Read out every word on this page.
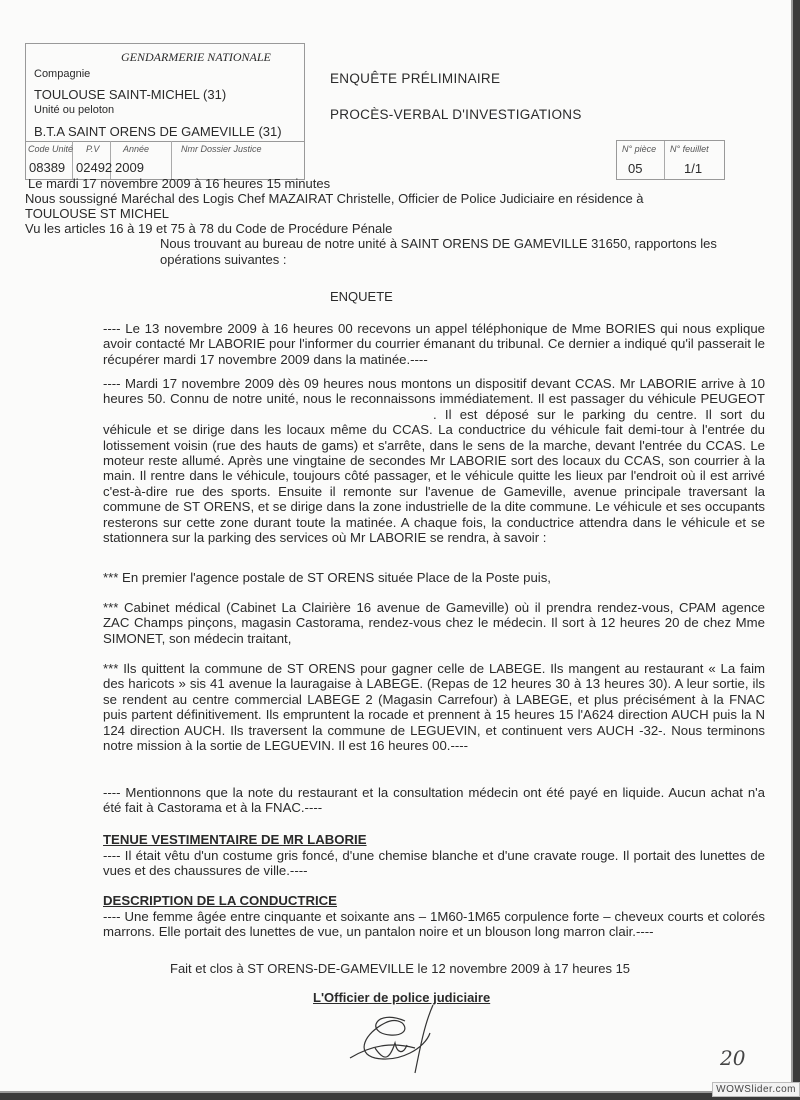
GENDARMERIE NATIONALE
Compagnie
TOULOUSE SAINT-MICHEL (31)
Unité ou peloton
B.T.A SAINT ORENS DE GAMEVILLE (31)
Code Unité
08389
P.V
02492
Année
2009
Nmr Dossier Justice
ENQUÊTE PRÉLIMINAIRE
PROCÈS-VERBAL D'INVESTIGATIONS
N° pièce
05
N° feuillet
1/1
Le mardi 17 novembre 2009 à 16 heures 15 minutes
Nous soussigné Maréchal des Logis Chef MAZAIRAT Christelle, Officier de Police Judiciaire en résidence à
TOULOUSE ST MICHEL
Vu les articles 16 à 19 et 75 à 78 du Code de Procédure Pénale
Nous trouvant au bureau de notre unité à SAINT ORENS DE GAMEVILLE 31650, rapportons les
opérations suivantes :
ENQUETE
---- Le 13 novembre 2009 à 16 heures 00 recevons un appel téléphonique de Mme BORIES qui nous explique avoir contacté Mr LABORIE pour l'informer du courrier émanant du tribunal. Ce dernier a indiqué qu'il passerait le récupérer mardi 17 novembre 2009 dans la matinée.----
---- Mardi 17 novembre 2009 dès 09 heures nous montons un dispositif devant CCAS. Mr LABORIE arrive à 10 heures 50. Connu de notre unité, nous le reconnaissons immédiatement. Il est passager du véhicule PEUGEOT. Il est déposé sur le parking du centre. Il sort du véhicule et se dirige dans les locaux même du CCAS. La conductrice du véhicule fait demi-tour à l'entrée du lotissement voisin (rue des hauts de gams) et s'arrête, dans le sens de la marche, devant l'entrée du CCAS. Le moteur reste allumé. Après une vingtaine de secondes Mr LABORIE sort des locaux du CCAS, son courrier à la main. Il rentre dans le véhicule, toujours côté passager, et le véhicule quitte les lieux par l'endroit où il est arrivé c'est-à-dire rue des sports. Ensuite il remonte sur l'avenue de Gameville, avenue principale traversant la commune de ST ORENS, et se dirige dans la zone industrielle de la dite commune. Le véhicule et ses occupants resterons sur cette zone durant toute la matinée. A chaque fois, la conductrice attendra dans le véhicule et se stationnera sur la parking des services où Mr LABORIE se rendra, à savoir :
*** En premier l'agence postale de ST ORENS située Place de la Poste puis,
*** Cabinet médical (Cabinet La Clairière 16 avenue de Gameville) où il prendra rendez-vous, CPAM agence ZAC Champs pinçons, magasin Castorama, rendez-vous chez le médecin. Il sort à 12 heures 20 de chez Mme SIMONET, son médecin traitant,
*** Ils quittent la commune de ST ORENS pour gagner celle de LABEGE. Ils mangent au restaurant « La faim des haricots » sis 41 avenue la lauragaise à LABEGE. (Repas de 12 heures 30 à 13 heures 30). A leur sortie, ils se rendent au centre commercial LABEGE 2 (Magasin Carrefour) à LABEGE, et plus précisément à la FNAC puis partent définitivement. Ils empruntent la rocade et prennent à 15 heures 15 l'A624 direction AUCH puis la N 124 direction AUCH. Ils traversent la commune de LEGUEVIN, et continuent vers AUCH -32-. Nous terminons notre mission à la sortie de LEGUEVIN. Il est 16 heures 00.----
---- Mentionnons que la note du restaurant et la consultation médecin ont été payé en liquide. Aucun achat n'a été fait à Castorama et à la FNAC.----
TENUE VESTIMENTAIRE DE MR LABORIE
---- Il était vêtu d'un costume gris foncé, d'une chemise blanche et d'une cravate rouge. Il portait des lunettes de vues et des chaussures de ville.----
DESCRIPTION DE LA CONDUCTRICE
---- Une femme âgée entre cinquante et soixante ans – 1M60-1M65 corpulence forte – cheveux courts et colorés marrons. Elle portait des lunettes de vue, un pantalon noire et un blouson long marron clair.----
Fait et clos à ST ORENS-DE-GAMEVILLE le 12 novembre 2009 à 17 heures 15
L'Officier de police judiciaire
20
WOWSlider.com
